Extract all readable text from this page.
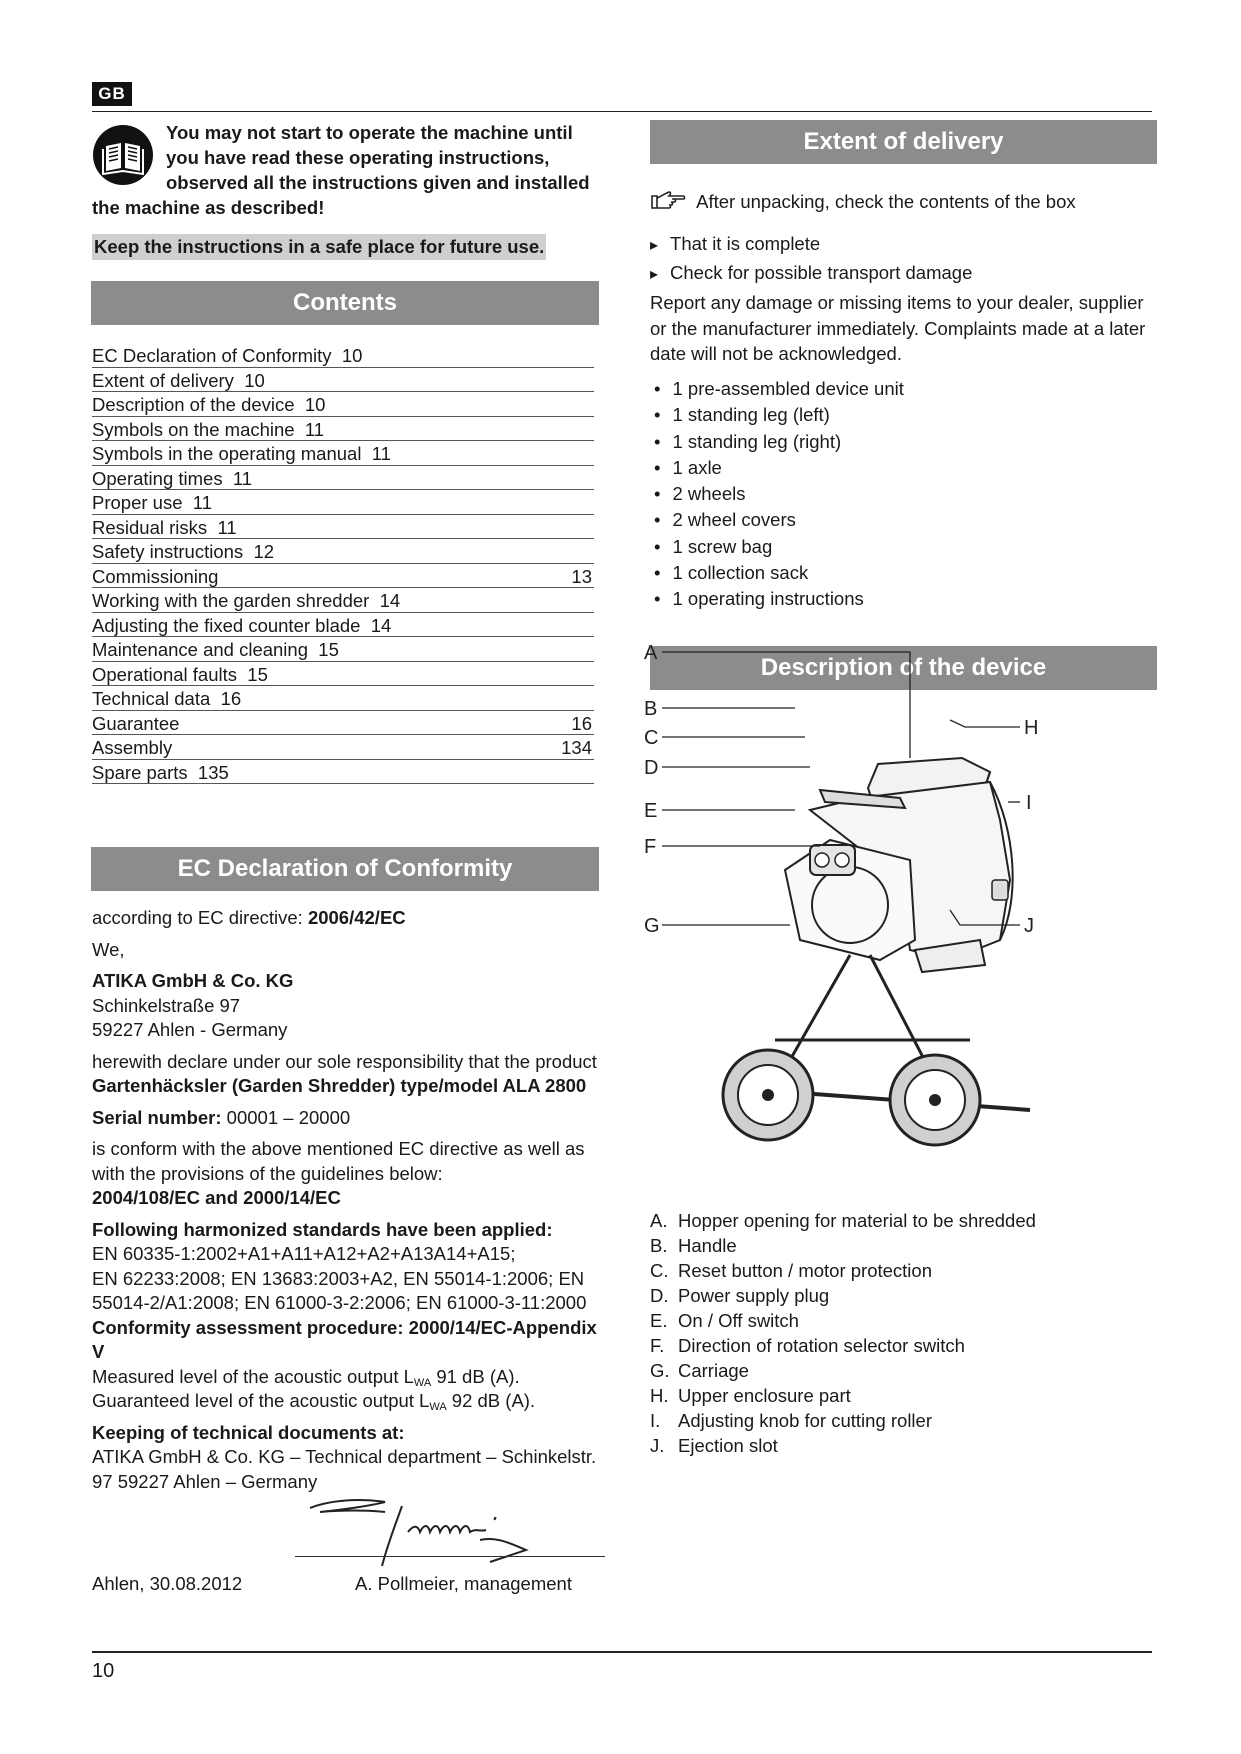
GB
You may not start to operate the machine until you have read these operating instructions, observed all the instructions given and installed the machine as described!
Keep the instructions in a safe place for future use.
Contents
EC Declaration of Conformity 10
Extent of delivery 10
Description of the device 10
Symbols on the machine 11
Symbols in the operating manual 11
Operating times 11
Proper use 11
Residual risks 11
Safety instructions 12
Commissioning	13
Working with the garden shredder 14
Adjusting the fixed counter blade 14
Maintenance and cleaning 15
Operational faults 15
Technical data 16
Guarantee	16
Assembly	134
Spare parts 135
EC Declaration of Conformity

according to EC directive: 2006/42/EC

We,

ATIKA GmbH & Co. KG

Schinkelstraße 97

59227 Ahlen - Germany

herewith declare under our sole responsibility that the product

Gartenhäcksler (Garden Shredder) type/model ALA 2800

Serial number: 00001 – 20000

is conform with the above mentioned EC directive as well as with the provisions of the guidelines below:

2004/108/EC and 2000/14/EC

Following harmonized standards have been applied:

EN 60335-1:2002+A1+A11+A12+A2+A13A14+A15;

EN 62233:2008; EN 13683:2003+A2, EN 55014-1:2006; EN 55014-2/A1:2008; EN 61000-3-2:2006; EN 61000-3-11:2000

Conformity assessment procedure: 2000/14/EC-Appendix V

Measured level of the acoustic output $L_{WA}$ 91 dB (A).

Guaranteed level of the acoustic output $L_{WA}$ 92 dB (A).

Keeping of technical documents at:

ATIKA GmbH & Co. KG – Technical department – Schinkelstr. 97 59227 Ahlen – Germany

Ahlen, 30.08.2012	A. Pollmeier, management
Extent of delivery
After unpacking, check the contents of the box
▸ That it is complete
▸ Check for possible transport damage
Report any damage or missing items to your dealer, supplier or the manufacturer immediately. Complaints made at a later date will not be acknowledged.
• 1 pre-assembled device unit
• 1 standing leg (left)
• 1 standing leg (right)
• 1 axle
• 2 wheels
• 2 wheel covers
• 1 screw bag
• 1 collection sack
• 1 operating instructions
Description of the device
A
B
C
D
E
F
G
H
I
J
A. Hopper opening for material to be shredded
B. Handle
C. Reset button / motor protection
D. Power supply plug
E. On / Off switch
F. Direction of rotation selector switch
G. Carriage
H. Upper enclosure part
I. Adjusting knob for cutting roller
J. Ejection slot
10
